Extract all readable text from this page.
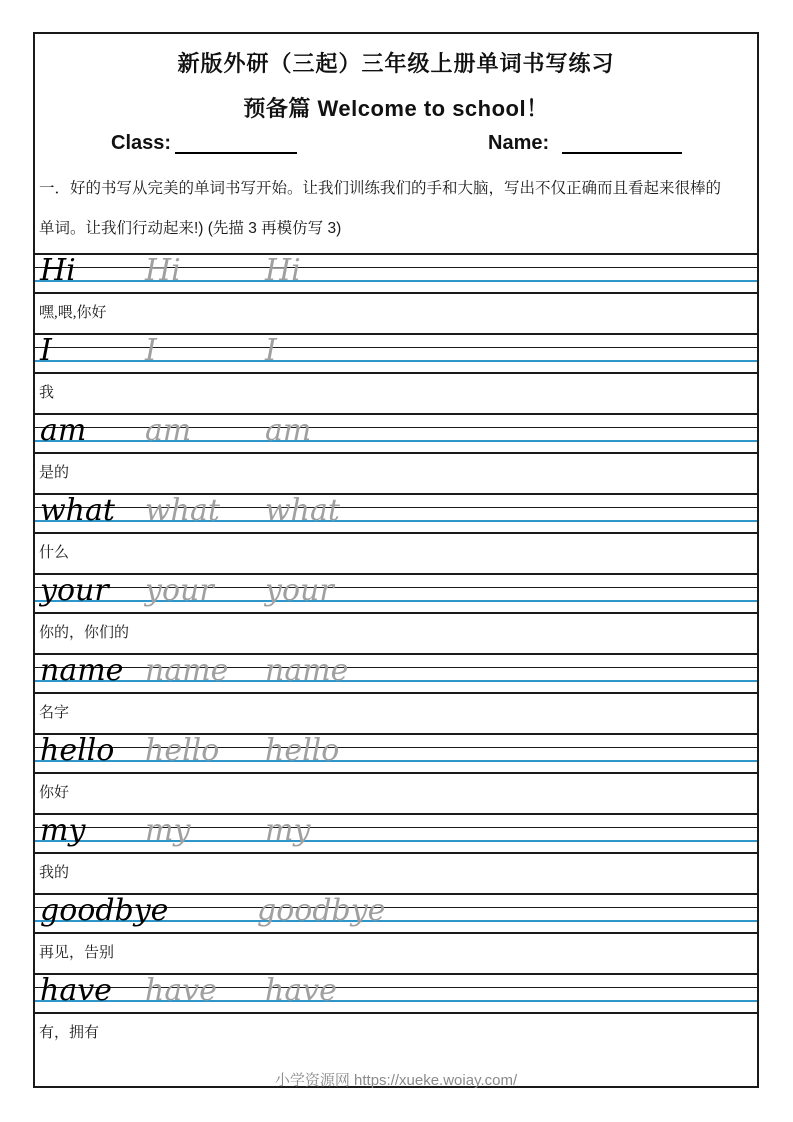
新版外研（三起）三年级上册单词书写练习
预备篇 Welcome to school！
Class:	Name:
一．好的书写从完美的单词书写开始。让我们训练我们的手和大脑，写出不仅正确而且看起来很棒的
单词。让我们行动起来!) (先描 3 再模仿写 3)
Hi Hi	Hi
嘿,喂,你好
I	I	I
我
am am am
是的
what what what
什么
your your your
你的，你们的
name name name
名字
hello hello hello
你好
my my my
我的
goodbye	goodbye
再见，告别
have have have
有，拥有
小学资源网 https://xueke.woiay.com/
